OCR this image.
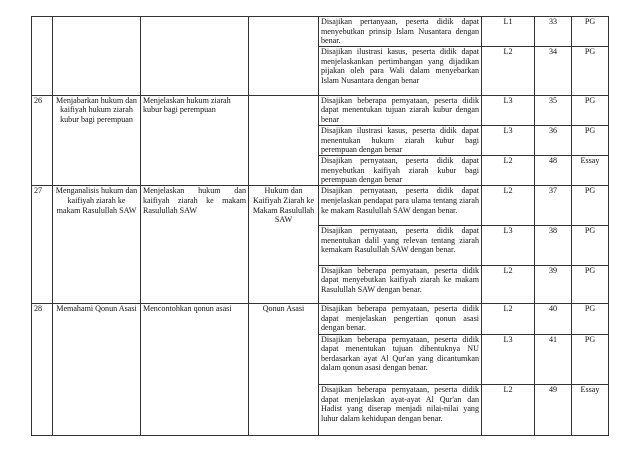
				Disajikan pertanyaan, peserta didik dapat menyebutkan prinsip Islam Nusantara dengan benar.	L1	33	PG
				Disajikan ilustrasi kasus, peserta didik dapat menjelaskankan pertimbangan yang dijadikan pijakan oleh para Wali dalam menyebarkan Islam Nusantara dengan benar	L2	34	PG
26	Menjabarkan hukum dan kaifiyah hukum ziarah kubur bagi perempuan	Menjelaskan hukum ziarah kubur bagi perempuan		Disajikan beberapa pernyataan, peserta didik dapat menentukan tujuan ziarah kubur dengan benar	L3	35	PG
				Disajikan ilustrasi kasus, peserta didik dapat menentukan hukum ziarah kubur bagi perempuan dengan benar	L3	36	PG
				Disajikan pernyataan, peserta didik dapat menyebutkan kaifiyah ziarah kubur bagi perempuan dengan benar	L2	48	Essay
27	Menganalisis hukum dan kaifiyah ziarah ke makam Rasulullah SAW	Menjelaskan hukum dan kaifiyah ziarah ke makam Rasulullah SAW	Hukum dan Kaifiyah Ziarah ke Makam Rasulullah SAW	Disajikan pernyataan, peserta didik dapat menjelaskan pendapat para ulama tentang ziarah ke makam Rasulullah SAW dengan benar.	L2	37	PG
				Disajikan pernyataan, peserta didik dapat menentukan dalil yang relevan tentang ziarah kemakam Rasulullah SAW dengan benar.	L3	38	PG
				Disajikan beberapa pernyataan, peserta didik dapat menyebutkan kaifiyah ziarah ke makam Rasulullah SAW dengan benar.	L2	39	PG
28	Memahami Qonun Asasi	Mencontohkan qonun asasi	Qonun Asasi	Disajikan beberapa pernyataan, peserta didik dapat menjelaskan pengertian qonun asasi dengan benar.	L2	40	PG
				Disajikan beberapa pernyataan, peserta didik dapat menentukan tujuan dibentuknya NU berdasarkan ayat Al Qur'an yang dicantumkan dalam qonun asasi dengan benar.	L3	41	PG
				Disajikan beberapa pernyataan, peserta didik dapat menjelaskan ayat-ayat Al Qur'an dan Hadist yang diserap menjadi nilai-nilai yang luhur dalam kehidupan dengan benar.	L2	49	Essay
